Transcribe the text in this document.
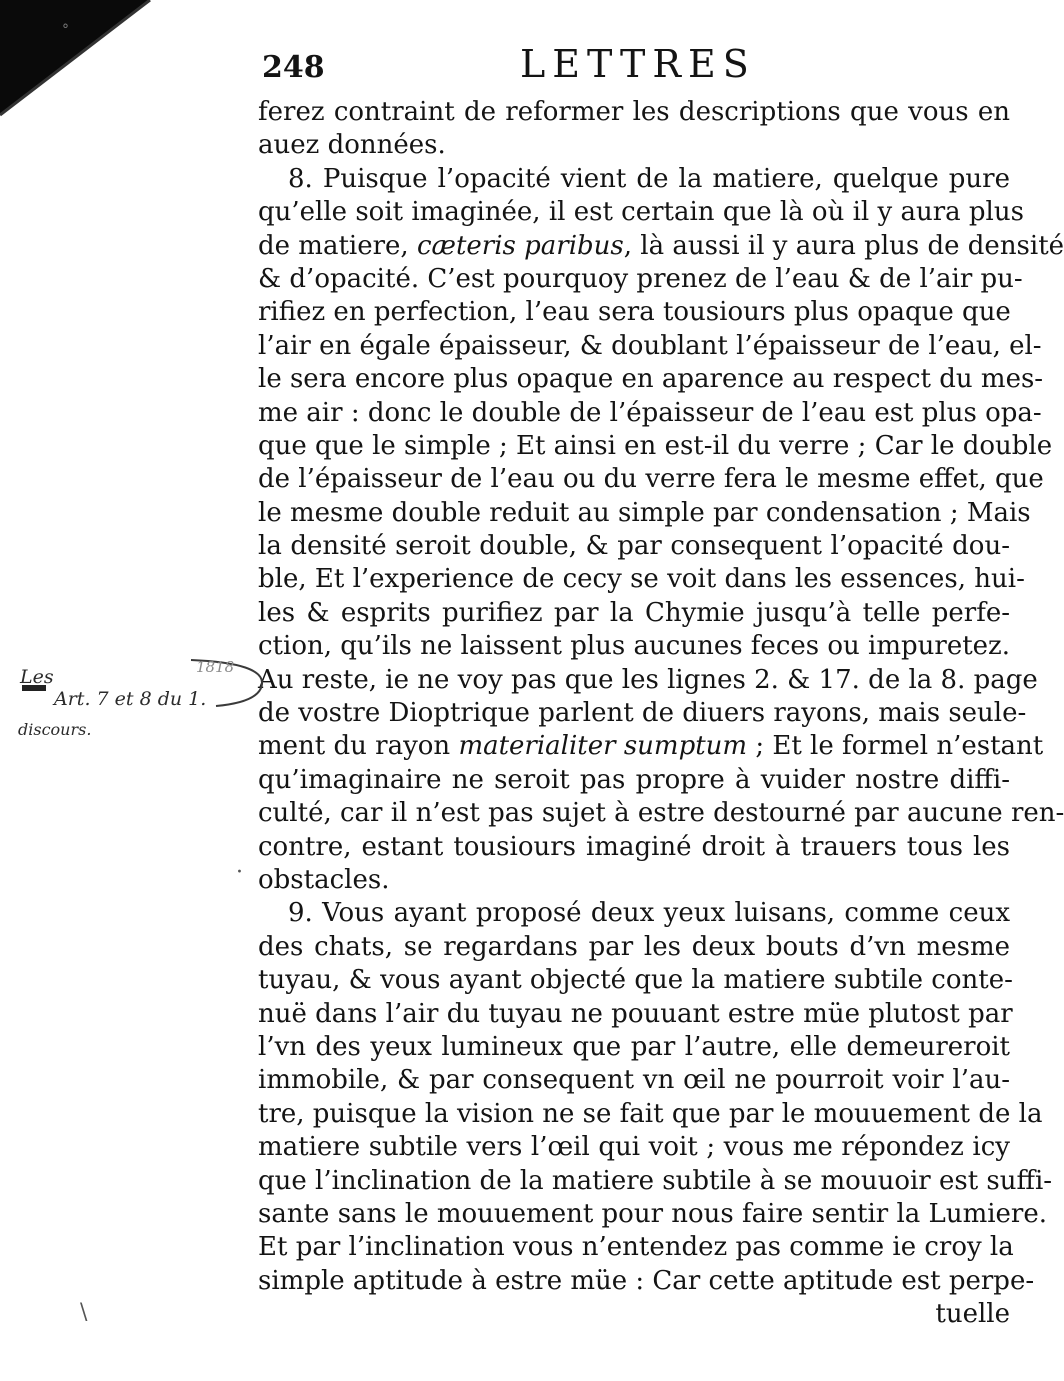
248	LETTRES
ferez contraint de reformer les descriptions que vous en
auez données.
8. Puisque l’opacité vient de la matiere, quelque pure
qu’elle soit imaginée, il est certain que là où il y aura plus
de matiere, cæteris paribus, là aussi il y aura plus de densité
& d’opacité. C’est pourquoy prenez de l’eau & de l’air pu-
rifiez en perfection, l’eau sera tousiours plus opaque que
l’air en égale épaisseur, & doublant l’épaisseur de l’eau, el-
le sera encore plus opaque en aparence au respect du mes-
me air : donc le double de l’épaisseur de l’eau est plus opa-
que que le simple ; Et ainsi en est-il du verre ; Car le double
de l’épaisseur de l’eau ou du verre fera le mesme effet, que
le mesme double reduit au simple par condensation ; Mais
la densité seroit double, & par consequent l’opacité dou-
ble, Et l’experience de cecy se voit dans les essences, hui-
les & esprits purifiez par la Chymie jusqu’à telle perfe-
ction, qu’ils ne laissent plus aucunes feces ou impuretez.
Au reste, ie ne voy pas que les lignes 2. & 17. de la 8. page
de vostre Dioptrique parlent de diuers rayons, mais seule-
ment du rayon materialiter sumptum ; Et le formel n’estant
qu’imaginaire ne seroit pas propre à vuider nostre diffi-
culté, car il n’est pas sujet à estre destourné par aucune ren-
contre, estant tousiours imaginé droit à trauers tous les
obstacles.
9. Vous ayant proposé deux yeux luisans, comme ceux
des chats, se regardans par les deux bouts d’vn mesme
tuyau, & vous ayant objecté que la matiere subtile conte-
nuë dans l’air du tuyau ne pouuant estre müe plutost par
l’vn des yeux lumineux que par l’autre, elle demeureroit
immobile, & par consequent vn œil ne pourroit voir l’au-
tre, puisque la vision ne se fait que par le mouuement de la
matiere subtile vers l’œil qui voit ; vous me répondez icy
que l’inclination de la matiere subtile à se mouuoir est suffi-
sante sans le mouuement pour nous faire sentir la Lumiere.
Et par l’inclination vous n’entendez pas comme ie croy la
simple aptitude à estre müe : Car cette aptitude est perpe-
tuelle
1818
Les
Art. 7 et 8 du 1.
discours.
·
\
°
